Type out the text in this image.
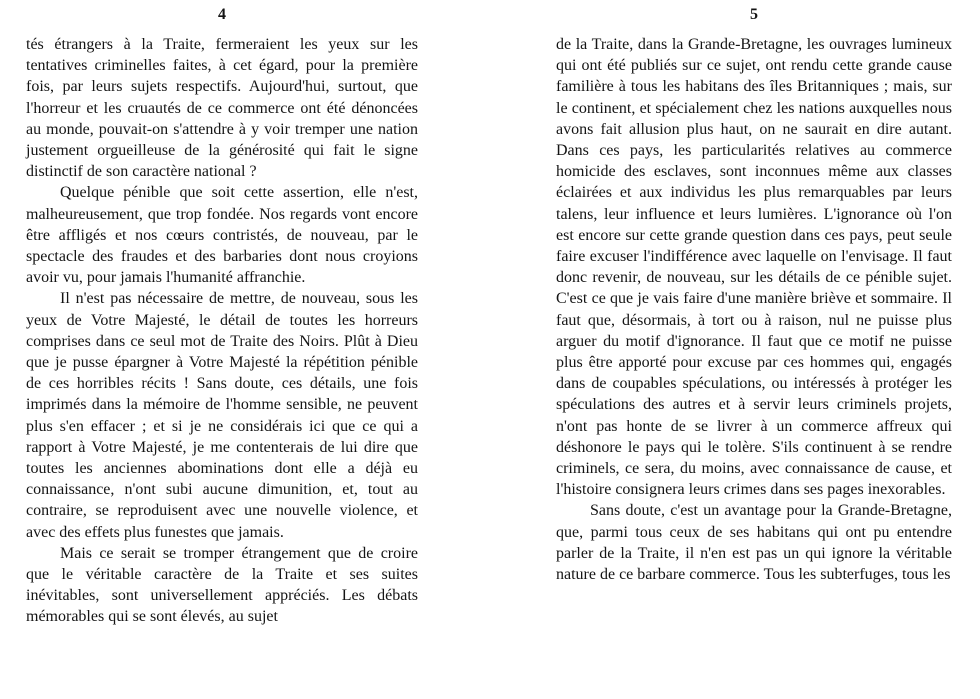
4

tés étrangers à la Traite, fermeraient les yeux sur les tentatives criminelles faites, à cet égard, pour la première fois, par leurs sujets respectifs. Aujourd'hui, surtout, que l'horreur et les cruautés de ce commerce ont été dénoncées au monde, pouvait-on s'attendre à y voir tremper une nation justement orgueilleuse de la générosité qui fait le signe distinctif de son caractère national ?

Quelque pénible que soit cette assertion, elle n'est, malheureusement, que trop fondée. Nos regards vont encore être affligés et nos cœurs contristés, de nouveau, par le spectacle des fraudes et des barbaries dont nous croyions avoir vu, pour jamais l'humanité affranchie.

Il n'est pas nécessaire de mettre, de nouveau, sous les yeux de Votre Majesté, le détail de toutes les horreurs comprises dans ce seul mot de Traite des Noirs. Plût à Dieu que je pusse épargner à Votre Majesté la répétition pénible de ces horribles récits ! Sans doute, ces détails, une fois imprimés dans la mémoire de l'homme sensible, ne peuvent plus s'en effacer ; et si je ne considérais ici que ce qui a rapport à Votre Majesté, je me contenterais de lui dire que toutes les anciennes abominations dont elle a déjà eu connaissance, n'ont subi aucune dimunition, et, tout au contraire, se reproduisent avec une nouvelle violence, et avec des effets plus funestes que jamais.

Mais ce serait se tromper étrangement que de croire que le véritable caractère de la Traite et ses suites inévitables, sont universellement appréciés. Les débats mémorables qui se sont élevés, au sujet

5

de la Traite, dans la Grande-Bretagne, les ouvrages lumineux qui ont été publiés sur ce sujet, ont rendu cette grande cause familière à tous les habitans des îles Britanniques ; mais, sur le continent, et spécialement chez les nations auxquelles nous avons fait allusion plus haut, on ne saurait en dire autant. Dans ces pays, les particularités relatives au commerce homicide des esclaves, sont inconnues même aux classes éclairées et aux individus les plus remarquables par leurs talens, leur influence et leurs lumières. L'ignorance où l'on est encore sur cette grande question dans ces pays, peut seule faire excuser l'indifférence avec laquelle on l'envisage. Il faut donc revenir, de nouveau, sur les détails de ce pénible sujet. C'est ce que je vais faire d'une manière briève et sommaire. Il faut que, désormais, à tort ou à raison, nul ne puisse plus arguer du motif d'ignorance. Il faut que ce motif ne puisse plus être apporté pour excuse par ces hommes qui, engagés dans de coupables spéculations, ou intéressés à protéger les spéculations des autres et à servir leurs criminels projets, n'ont pas honte de se livrer à un commerce affreux qui déshonore le pays qui le tolère. S'ils continuent à se rendre criminels, ce sera, du moins, avec connaissance de cause, et l'histoire consignera leurs crimes dans ses pages inexorables.

Sans doute, c'est un avantage pour la Grande-Bretagne, que, parmi tous ceux de ses habitans qui ont pu entendre parler de la Traite, il n'en est pas un qui ignore la véritable nature de ce barbare commerce. Tous les subterfuges, tous les
